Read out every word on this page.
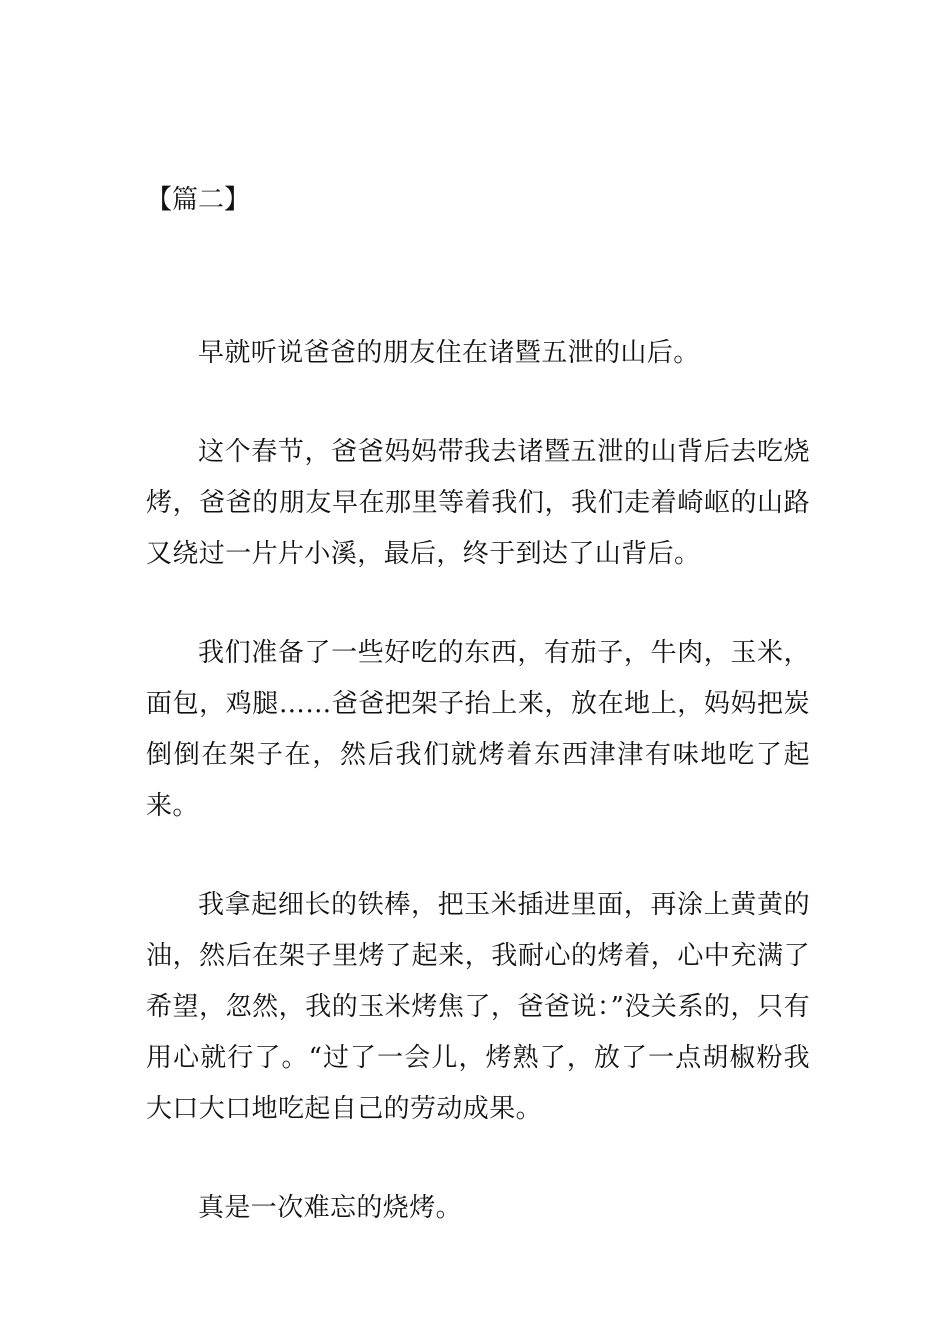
【篇二】

早就听说爸爸的朋友住在诸暨五泄的山后。

这个春节，爸爸妈妈带我去诸暨五泄的山背后去吃烧烤，爸爸的朋友早在那里等着我们，我们走着崎岖的山路又绕过一片片小溪，最后，终于到达了山背后。

我们准备了一些好吃的东西，有茄子，牛肉，玉米，面包，鸡腿……爸爸把架子抬上来，放在地上，妈妈把炭倒倒在架子在，然后我们就烤着东西津津有味地吃了起来。

我拿起细长的铁棒，把玉米插进里面，再涂上黄黄的油，然后在架子里烤了起来，我耐心的烤着，心中充满了希望，忽然，我的玉米烤焦了，爸爸说：”没关系的，只有用心就行了。“过了一会儿，烤熟了，放了一点胡椒粉我大口大口地吃起自己的劳动成果。

真是一次难忘的烧烤。
